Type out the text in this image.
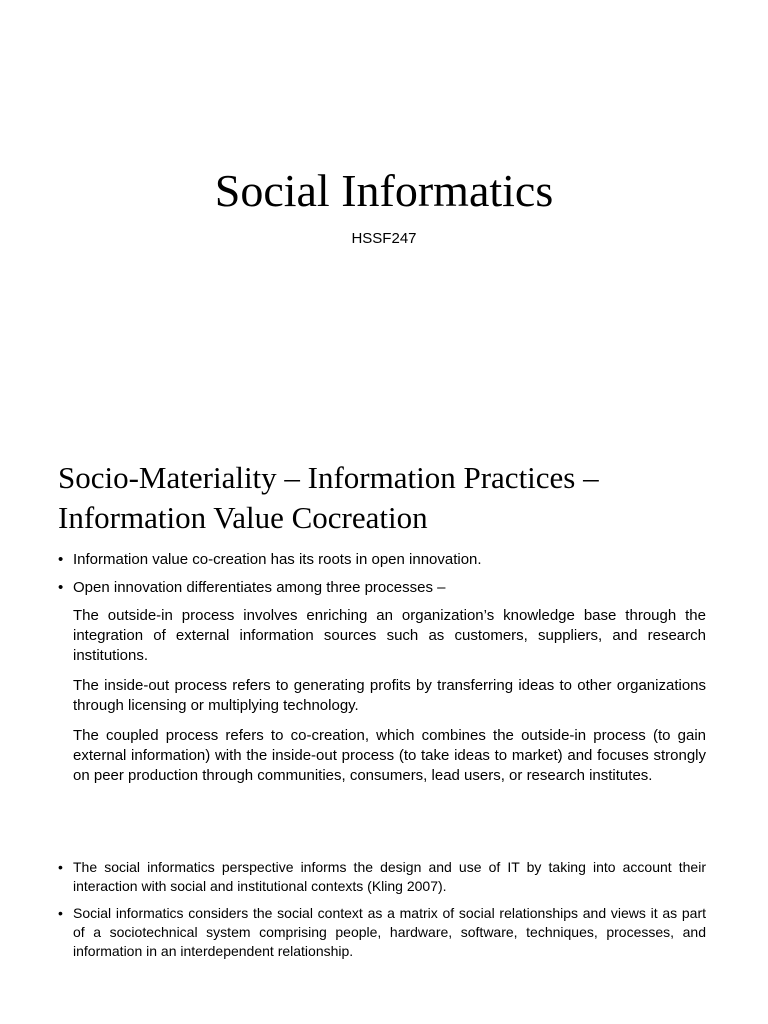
Social Informatics
HSSF247
Socio-Materiality – Information Practices –
Information Value Cocreation
• Information value co-creation has its roots in open innovation.
• Open innovation differentiates among three processes –
The outside-in process involves enriching an organization’s knowledge base through the integration of external information sources such as customers, suppliers, and research institutions.
The inside-out process refers to generating profits by transferring ideas to other organizations through licensing or multiplying technology.
The coupled process refers to co-creation, which combines the outside-in process (to gain external information) with the inside-out process (to take ideas to market) and focuses strongly on peer production through communities, consumers, lead users, or research institutes.
• The social informatics perspective informs the design and use of IT by taking into account their interaction with social and institutional contexts (Kling 2007).
• Social informatics considers the social context as a matrix of social relationships and views it as part of a sociotechnical system comprising people, hardware, software, techniques, processes, and information in an interdependent relationship.
